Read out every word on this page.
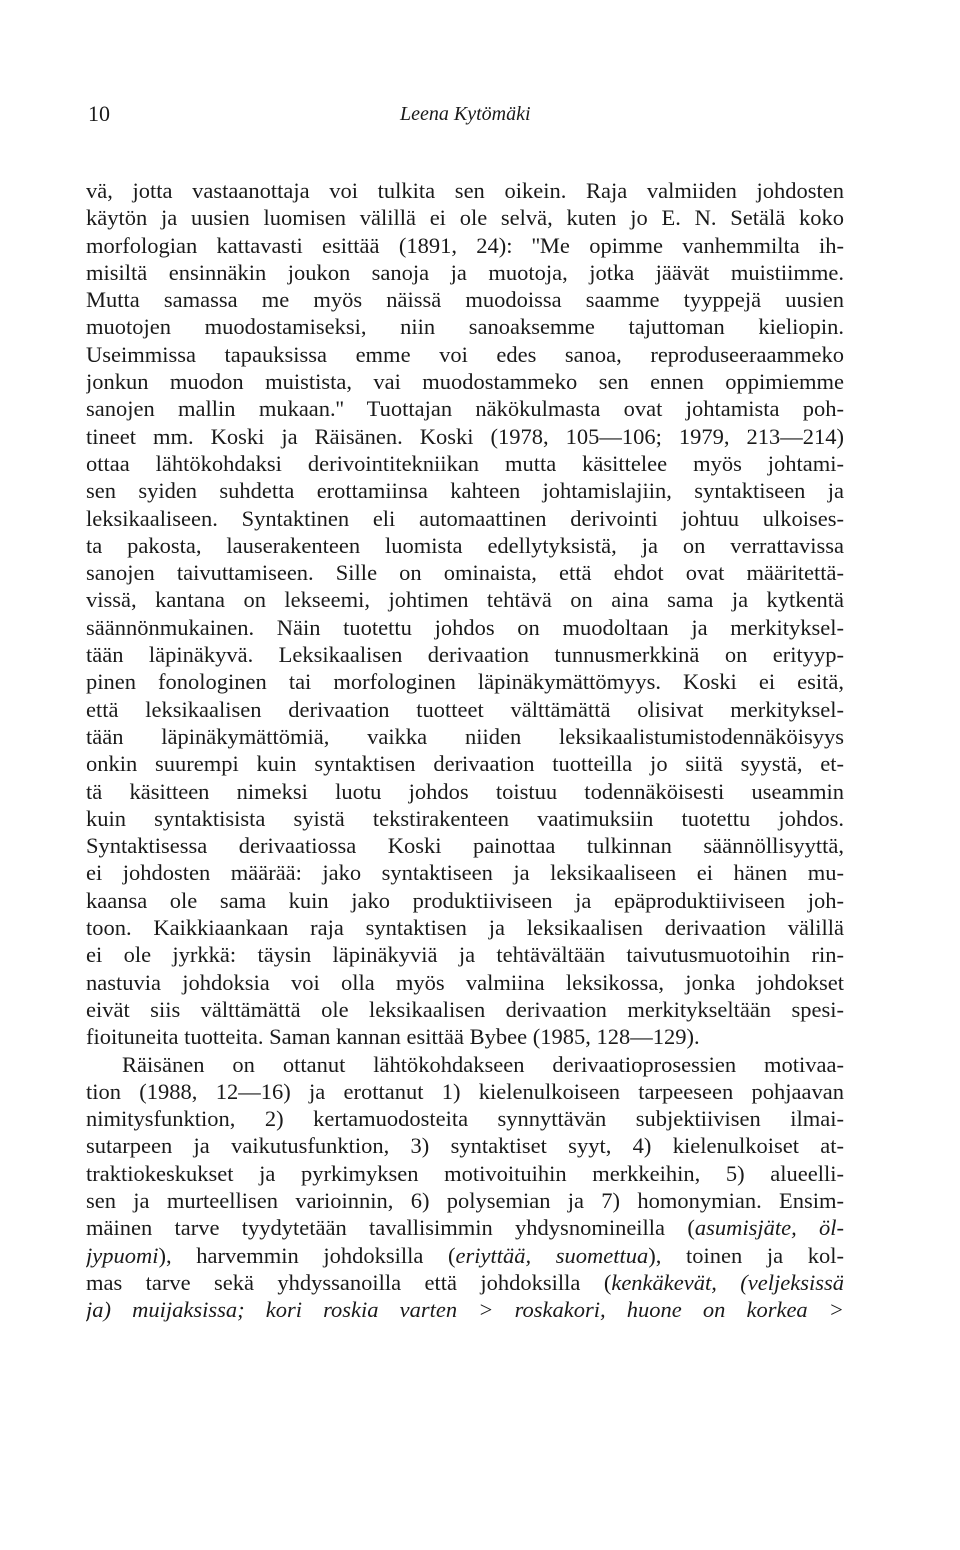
10	Leena Kytömäki
vä, jotta vastaanottaja voi tulkita sen oikein. Raja valmiiden johdosten
käytön ja uusien luomisen välillä ei ole selvä, kuten jo E. N. Setälä koko
morfologian kattavasti esittää (1891, 24): ''Me opimme vanhemmilta ih-
misiltä ensinnäkin joukon sanoja ja muotoja, jotka jäävät muistiimme.
Mutta samassa me myös näissä muodoissa saamme tyyppejä uusien
muotojen muodostamiseksi, niin sanoaksemme tajuttoman kieliopin.
Useimmissa tapauksissa emme voi edes sanoa, reproduseeraammeko
jonkun muodon muistista, vai muodostammeko sen ennen oppimiemme
sanojen mallin mukaan.'' Tuottajan näkökulmasta ovat johtamista poh-
tineet mm. Koski ja Räisänen. Koski (1978, 105—106; 1979, 213—214)
ottaa lähtökohdaksi derivointitekniikan mutta käsittelee myös johtami-
sen syiden suhdetta erottamiinsa kahteen johtamislajiin, syntaktiseen ja
leksikaaliseen. Syntaktinen eli automaattinen derivointi johtuu ulkoises-
ta pakosta, lauserakenteen luomista edellytyksistä, ja on verrattavissa
sanojen taivuttamiseen. Sille on ominaista, että ehdot ovat määritettä-
vissä, kantana on lekseemi, johtimen tehtävä on aina sama ja kytkentä
säännönmukainen. Näin tuotettu johdos on muodoltaan ja merkityksel-
tään läpinäkyvä. Leksikaalisen derivaation tunnusmerkkinä on erityyp-
pinen fonologinen tai morfologinen läpinäkymättömyys. Koski ei esitä,
että leksikaalisen derivaation tuotteet välttämättä olisivat merkityksel-
tään läpinäkymättömiä, vaikka niiden leksikaalistumistodennäköisyys
onkin suurempi kuin syntaktisen derivaation tuotteilla jo siitä syystä, et-
tä käsitteen nimeksi luotu johdos toistuu todennäköisesti useammin
kuin syntaktisista syistä tekstirakenteen vaatimuksiin tuotettu johdos.
Syntaktisessa derivaatiossa Koski painottaa tulkinnan säännöllisyyttä,
ei johdosten määrää: jako syntaktiseen ja leksikaaliseen ei hänen mu-
kaansa ole sama kuin jako produktiiviseen ja epäproduktiiviseen joh-
toon. Kaikkiaankaan raja syntaktisen ja leksikaalisen derivaation välillä
ei ole jyrkkä: täysin läpinäkyviä ja tehtävältään taivutusmuotoihin rin-
nastuvia johdoksia voi olla myös valmiina leksikossa, jonka johdokset
eivät siis välttämättä ole leksikaalisen derivaation merkitykseltään spesi-
fioituneita tuotteita. Saman kannan esittää Bybee (1985, 128—129).
Räisänen on ottanut lähtökohdakseen derivaatioprosessien motivaa-
tion (1988, 12—16) ja erottanut 1) kielenulkoiseen tarpeeseen pohjaavan
nimitysfunktion, 2) kertamuodosteita synnyttävän subjektiivisen ilmai-
sutarpeen ja vaikutusfunktion, 3) syntaktiset syyt, 4) kielenulkoiset at-
traktiokeskukset ja pyrkimyksen motivoituihin merkkeihin, 5) alueelli-
sen ja murteellisen varioinnin, 6) polysemian ja 7) homonymian. Ensim-
mäinen tarve tyydytetään tavallisimmin yhdysnomineilla (asumisjäte, öl-
jypuomi), harvemmin johdoksilla (eriyttää, suomettua), toinen ja kol-
mas tarve sekä yhdyssanoilla että johdoksilla (kenkäkevät, (veljeksissä
ja) muijaksissa; kori roskia varten > roskakori, huone on korkea >
